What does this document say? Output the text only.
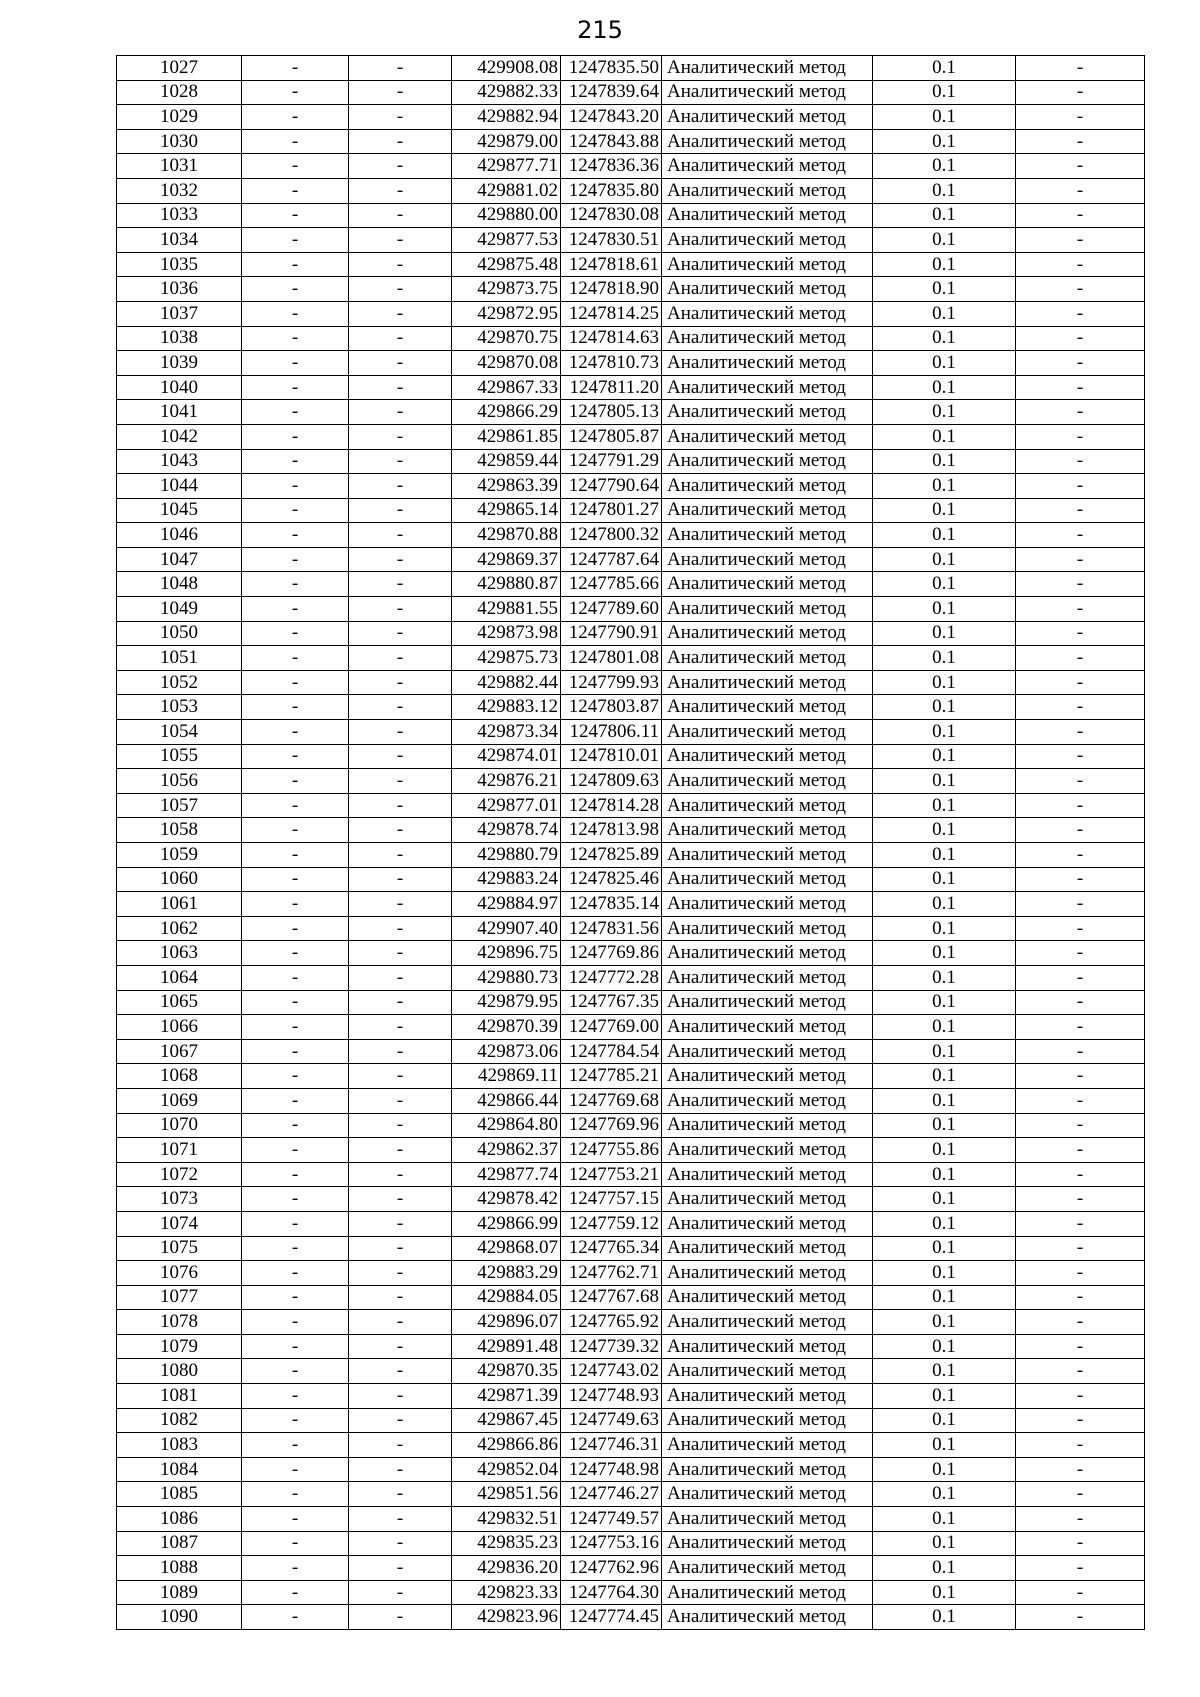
215
1027	-	-	429908.08	1247835.50	Аналитический метод	0.1	-
1028	-	-	429882.33	1247839.64	Аналитический метод	0.1	-
1029	-	-	429882.94	1247843.20	Аналитический метод	0.1	-
1030	-	-	429879.00	1247843.88	Аналитический метод	0.1	-
1031	-	-	429877.71	1247836.36	Аналитический метод	0.1	-
1032	-	-	429881.02	1247835.80	Аналитический метод	0.1	-
1033	-	-	429880.00	1247830.08	Аналитический метод	0.1	-
1034	-	-	429877.53	1247830.51	Аналитический метод	0.1	-
1035	-	-	429875.48	1247818.61	Аналитический метод	0.1	-
1036	-	-	429873.75	1247818.90	Аналитический метод	0.1	-
1037	-	-	429872.95	1247814.25	Аналитический метод	0.1	-
1038	-	-	429870.75	1247814.63	Аналитический метод	0.1	-
1039	-	-	429870.08	1247810.73	Аналитический метод	0.1	-
1040	-	-	429867.33	1247811.20	Аналитический метод	0.1	-
1041	-	-	429866.29	1247805.13	Аналитический метод	0.1	-
1042	-	-	429861.85	1247805.87	Аналитический метод	0.1	-
1043	-	-	429859.44	1247791.29	Аналитический метод	0.1	-
1044	-	-	429863.39	1247790.64	Аналитический метод	0.1	-
1045	-	-	429865.14	1247801.27	Аналитический метод	0.1	-
1046	-	-	429870.88	1247800.32	Аналитический метод	0.1	-
1047	-	-	429869.37	1247787.64	Аналитический метод	0.1	-
1048	-	-	429880.87	1247785.66	Аналитический метод	0.1	-
1049	-	-	429881.55	1247789.60	Аналитический метод	0.1	-
1050	-	-	429873.98	1247790.91	Аналитический метод	0.1	-
1051	-	-	429875.73	1247801.08	Аналитический метод	0.1	-
1052	-	-	429882.44	1247799.93	Аналитический метод	0.1	-
1053	-	-	429883.12	1247803.87	Аналитический метод	0.1	-
1054	-	-	429873.34	1247806.11	Аналитический метод	0.1	-
1055	-	-	429874.01	1247810.01	Аналитический метод	0.1	-
1056	-	-	429876.21	1247809.63	Аналитический метод	0.1	-
1057	-	-	429877.01	1247814.28	Аналитический метод	0.1	-
1058	-	-	429878.74	1247813.98	Аналитический метод	0.1	-
1059	-	-	429880.79	1247825.89	Аналитический метод	0.1	-
1060	-	-	429883.24	1247825.46	Аналитический метод	0.1	-
1061	-	-	429884.97	1247835.14	Аналитический метод	0.1	-
1062	-	-	429907.40	1247831.56	Аналитический метод	0.1	-
1063	-	-	429896.75	1247769.86	Аналитический метод	0.1	-
1064	-	-	429880.73	1247772.28	Аналитический метод	0.1	-
1065	-	-	429879.95	1247767.35	Аналитический метод	0.1	-
1066	-	-	429870.39	1247769.00	Аналитический метод	0.1	-
1067	-	-	429873.06	1247784.54	Аналитический метод	0.1	-
1068	-	-	429869.11	1247785.21	Аналитический метод	0.1	-
1069	-	-	429866.44	1247769.68	Аналитический метод	0.1	-
1070	-	-	429864.80	1247769.96	Аналитический метод	0.1	-
1071	-	-	429862.37	1247755.86	Аналитический метод	0.1	-
1072	-	-	429877.74	1247753.21	Аналитический метод	0.1	-
1073	-	-	429878.42	1247757.15	Аналитический метод	0.1	-
1074	-	-	429866.99	1247759.12	Аналитический метод	0.1	-
1075	-	-	429868.07	1247765.34	Аналитический метод	0.1	-
1076	-	-	429883.29	1247762.71	Аналитический метод	0.1	-
1077	-	-	429884.05	1247767.68	Аналитический метод	0.1	-
1078	-	-	429896.07	1247765.92	Аналитический метод	0.1	-
1079	-	-	429891.48	1247739.32	Аналитический метод	0.1	-
1080	-	-	429870.35	1247743.02	Аналитический метод	0.1	-
1081	-	-	429871.39	1247748.93	Аналитический метод	0.1	-
1082	-	-	429867.45	1247749.63	Аналитический метод	0.1	-
1083	-	-	429866.86	1247746.31	Аналитический метод	0.1	-
1084	-	-	429852.04	1247748.98	Аналитический метод	0.1	-
1085	-	-	429851.56	1247746.27	Аналитический метод	0.1	-
1086	-	-	429832.51	1247749.57	Аналитический метод	0.1	-
1087	-	-	429835.23	1247753.16	Аналитический метод	0.1	-
1088	-	-	429836.20	1247762.96	Аналитический метод	0.1	-
1089	-	-	429823.33	1247764.30	Аналитический метод	0.1	-
1090	-	-	429823.96	1247774.45	Аналитический метод	0.1	-
